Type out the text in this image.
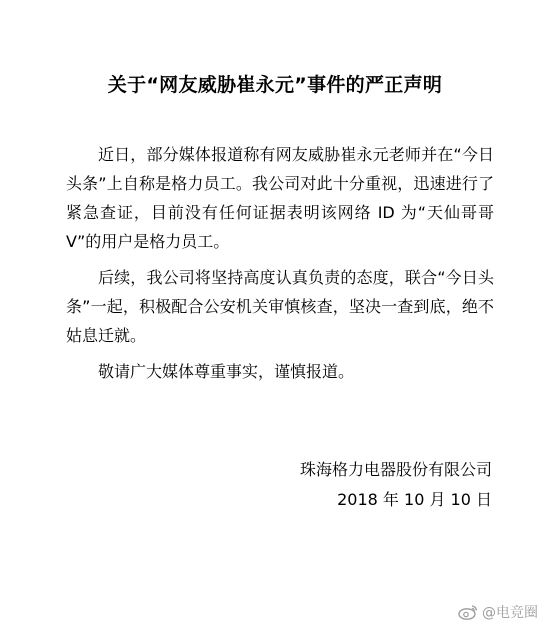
关于“网友威胁崔永元”事件的严正声明

近日，部分媒体报道称有网友威胁崔永元老师并在“今日头条”上自称是格力员工。我公司对此十分重视，迅速进行了紧急查证，目前没有任何证据表明该网络 ID 为“天仙哥哥 V”的用户是格力员工。

后续，我公司将坚持高度认真负责的态度，联合“今日头条”一起，积极配合公安机关审慎核查，坚决一查到底，绝不姑息迁就。

敬请广大媒体尊重事实，谨慎报道。

珠海格力电器股份有限公司
2018 年 10 月 10 日
@电竞圈
